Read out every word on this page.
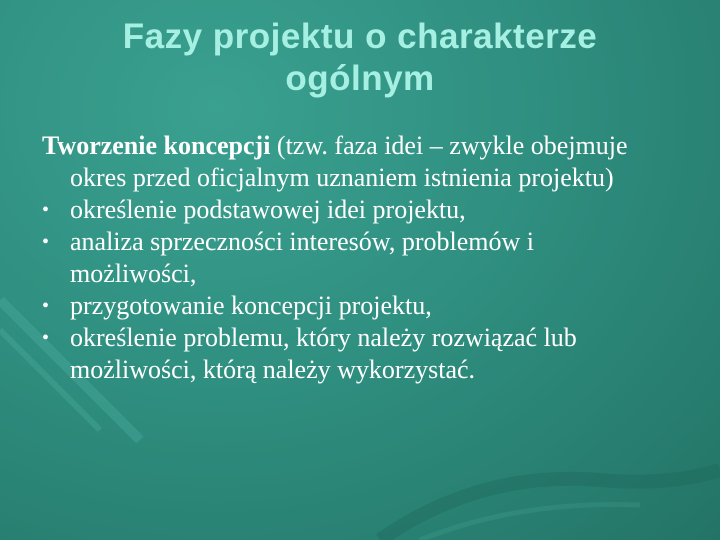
Fazy projektu o charakterze
ogólnym

Tworzenie koncepcji (tzw. faza idei – zwykle obejmuje okres przed oficjalnym uznaniem istnienia projektu)

• określenie podstawowej idei projektu,
• analiza sprzeczności interesów, problemów i możliwości,
• przygotowanie koncepcji projektu,
• określenie problemu, który należy rozwiązać lub możliwości, którą należy wykorzystać.
